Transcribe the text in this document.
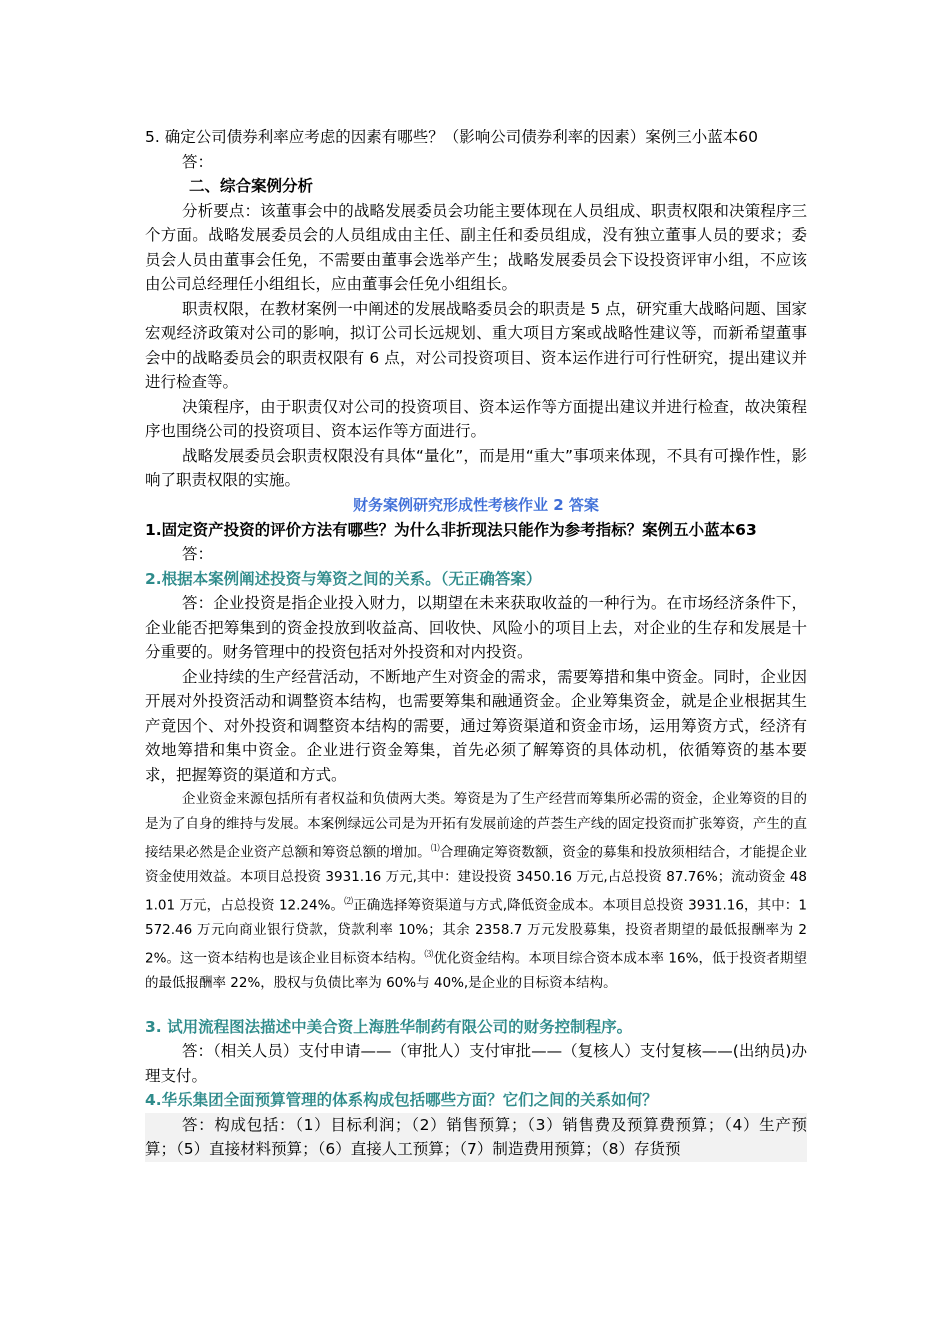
5. 确定公司债券利率应考虑的因素有哪些？（影响公司债券利率的因素）案例三小蓝本60

答：

二、综合案例分析

分析要点：该董事会中的战略发展委员会功能主要体现在人员组成、职责权限和决策程序三个方面。战略发展委员会的人员组成由主任、副主任和委员组成，没有独立董事人员的要求；委员会人员由董事会任免，不需要由董事会选举产生；战略发展委员会下设投资评审小组，不应该由公司总经理任小组组长，应由董事会任免小组组长。

职责权限，在教材案例一中阐述的发展战略委员会的职责是 5 点，研究重大战略问题、国家宏观经济政策对公司的影响，拟订公司长远规划、重大项目方案或战略性建议等，而新希望董事会中的战略委员会的职责权限有 6 点，对公司投资项目、资本运作进行可行性研究，提出建议并进行检查等。

决策程序，由于职责仅对公司的投资项目、资本运作等方面提出建议并进行检查，故决策程序也围绕公司的投资项目、资本运作等方面进行。

战略发展委员会职责权限没有具体“量化”，而是用“重大”事项来体现，不具有可操作性，影响了职责权限的实施。

财务案例研究形成性考核作业 2 答案

1.固定资产投资的评价方法有哪些？为什么非折现法只能作为参考指标？案例五小蓝本63

答：

2.根据本案例阐述投资与筹资之间的关系。（无正确答案）

答：企业投资是指企业投入财力，以期望在未来获取收益的一种行为。在市场经济条件下，企业能否把筹集到的资金投放到收益高、回收快、风险小的项目上去，对企业的生存和发展是十分重要的。财务管理中的投资包括对外投资和对内投资。

企业持续的生产经营活动，不断地产生对资金的需求，需要筹措和集中资金。同时，企业因开展对外投资活动和调整资本结构，也需要筹集和融通资金。企业筹集资金，就是企业根据其生产竟因个、对外投资和调整资本结构的需要，通过筹资渠道和资金市场，运用筹资方式，经济有效地筹措和集中资金。企业进行资金筹集，首先必须了解筹资的具体动机，依循筹资的基本要求，把握筹资的渠道和方式。

企业资金来源包括所有者权益和负债两大类。筹资是为了生产经营而筹集所必需的资金，企业筹资的目的是为了自身的维持与发展。本案例绿远公司是为开拓有发展前途的芦荟生产线的固定投资而扩张筹资，产生的直接结果必然是企业资产总额和筹资总额的增加。⑴合理确定筹资数额，资金的募集和投放须相结合，才能提企业资金使用效益。本项目总投资 3931.16 万元,其中：建设投资 3450.16 万元,占总投资 87.76%；流动资金 481.01 万元，占总投资 12.24%。⑵正确选择筹资渠道与方式,降低资金成本。本项目总投资 3931.16，其中：1572.46 万元向商业银行贷款，贷款利率 10%；其余 2358.7 万元发股募集，投资者期望的最低报酬率为 22%。这一资本结构也是该企业目标资本结构。⑶优化资金结构。本项目综合资本成本率 16%，低于投资者期望的最低报酬率 22%，股权与负债比率为 60%与 40%,是企业的目标资本结构。

3. 试用流程图法描述中美合资上海胜华制药有限公司的财务控制程序。

答：（相关人员）支付申请——（审批人）支付审批——（复核人）支付复核——(出纳员)办理支付。

4.华乐集团全面预算管理的体系构成包括哪些方面？它们之间的关系如何？

答：构成包括：（1）目标利润；（2）销售预算；（3）销售费及预算费预算；（4）生产预算；（5）直接材料预算；（6）直接人工预算；（7）制造费用预算；（8）存货预
